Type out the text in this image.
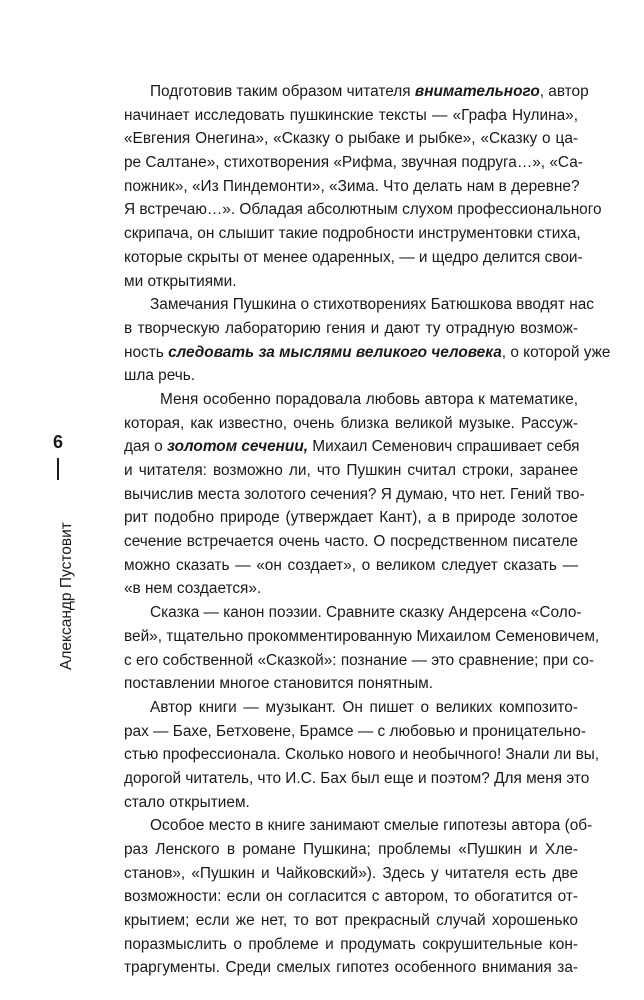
6
Александр Пустовит
Подготовив таким образом читателя внимательного, автор
начинает исследовать пушкинские тексты — «Графа Нулина»,
«Евгения Онегина», «Сказку о рыбаке и рыбке», «Сказку о ца-
ре Салтане», стихотворения «Рифма, звучная подруга…», «Са-
пожник», «Из Пиндемонти», «Зима. Что делать нам в деревне?
Я встречаю…». Обладая абсолютным слухом профессионального
скрипача, он слышит такие подробности инструментовки стиха,
которые скрыты от менее одаренных, — и щедро делится свои-
ми открытиями.
Замечания Пушкина о стихотворениях Батюшкова вводят нас
в творческую лабораторию гения и дают ту отрадную возмож-
ность следовать за мыслями великого человека, о которой уже
шла речь.
Меня особенно порадовала любовь автора к математике,
которая, как известно, очень близка великой музыке. Рассуж-
дая о золотом сечении, Михаил Семенович спрашивает себя
и читателя: возможно ли, что Пушкин считал строки, заранее
вычислив места золотого сечения? Я думаю, что нет. Гений тво-
рит подобно природе (утверждает Кант), а в природе золотое
сечение встречается очень часто. О посредственном писателе
можно сказать — «он создает», о великом следует сказать —
«в нем создается».
Сказка — канон поэзии. Сравните сказку Андерсена «Соло-
вей», тщательно прокомментированную Михаилом Семеновичем,
с его собственной «Сказкой»: познание — это сравнение; при со-
поставлении многое становится понятным.
Автор книги — музыкант. Он пишет о великих композито-
рах — Бахе, Бетховене, Брамсе — с любовью и проницательно-
стью профессионала. Сколько нового и необычного! Знали ли вы,
дорогой читатель, что И.С. Бах был еще и поэтом? Для меня это
стало открытием.
Особое место в книге занимают смелые гипотезы автора (об-
раз Ленского в романе Пушкина; проблемы «Пушкин и Хле-
станов», «Пушкин и Чайковский»). Здесь у читателя есть две
возможности: если он согласится с автором, то обогатится от-
крытием; если же нет, то вот прекрасный случай хорошенько
поразмыслить о проблеме и продумать сокрушительные кон-
траргументы. Среди смелых гипотез особенного внимания за-
